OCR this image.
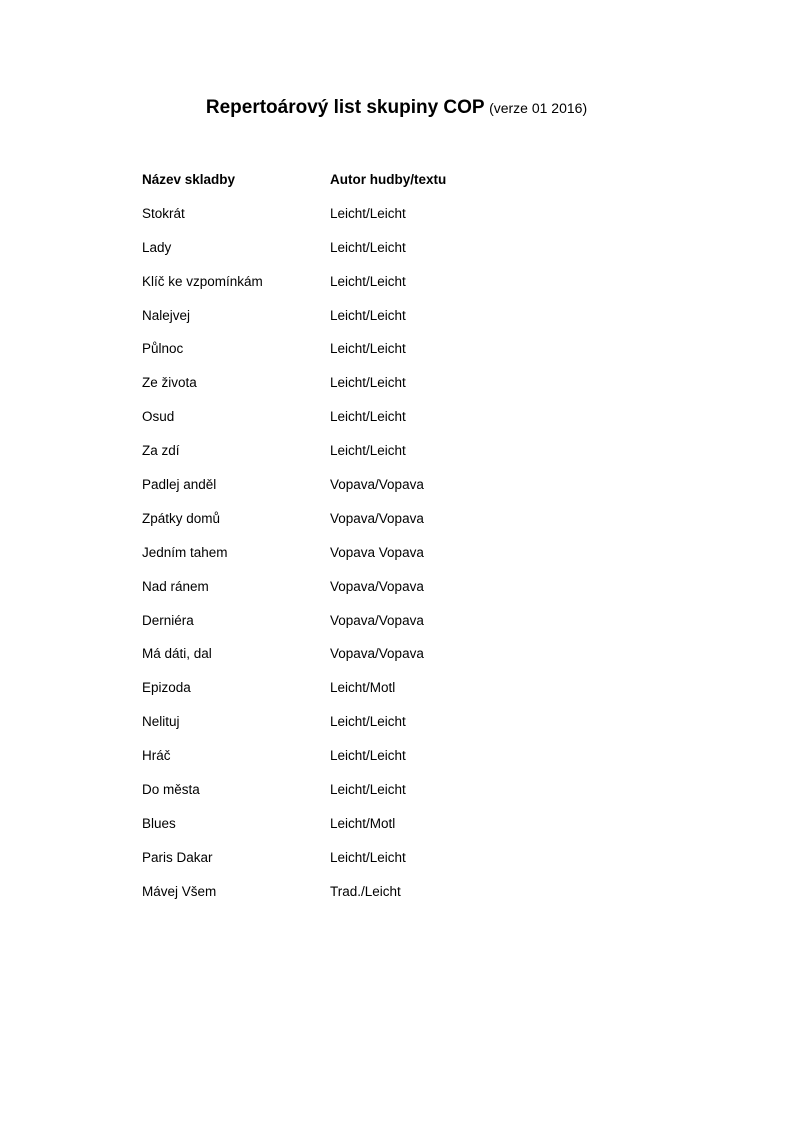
Repertoárový list skupiny COP (verze 01 2016)
Název skladby	Autor hudby/textu
Stokrát	Leicht/Leicht
Lady	Leicht/Leicht
Klíč ke vzpomínkám	Leicht/Leicht
Nalejvej	Leicht/Leicht
Půlnoc	Leicht/Leicht
Ze života	Leicht/Leicht
Osud	Leicht/Leicht
Za zdí	Leicht/Leicht
Padlej anděl	Vopava/Vopava
Zpátky domů	Vopava/Vopava
Jedním tahem	Vopava Vopava
Nad ránem	Vopava/Vopava
Derniéra	Vopava/Vopava
Má dáti, dal	Vopava/Vopava
Epizoda	Leicht/Motl
Nelituj	Leicht/Leicht
Hráč	Leicht/Leicht
Do města	Leicht/Leicht
Blues	Leicht/Motl
Paris Dakar	Leicht/Leicht
Mávej Všem	Trad./Leicht
